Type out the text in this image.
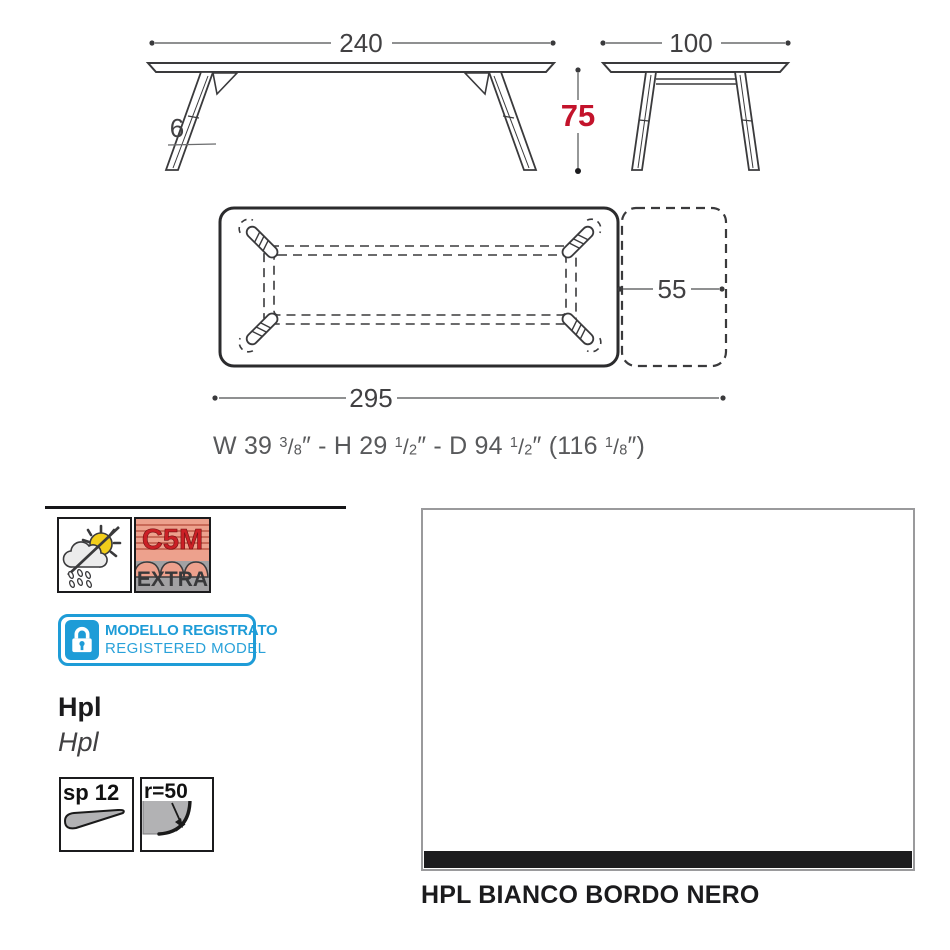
240
6
100
75
55
295
W 39 $^3/_8''$ - H 29 $^1/_2''$ - D 94 $^1/_2''$ (116 $^1/_8''$)
C5M
EXTRA
MODELLO REGISTRATO
REGISTERED MODEL
Hpl
Hpl
sp 12 r=50
HPL BIANCO BORDO NERO
